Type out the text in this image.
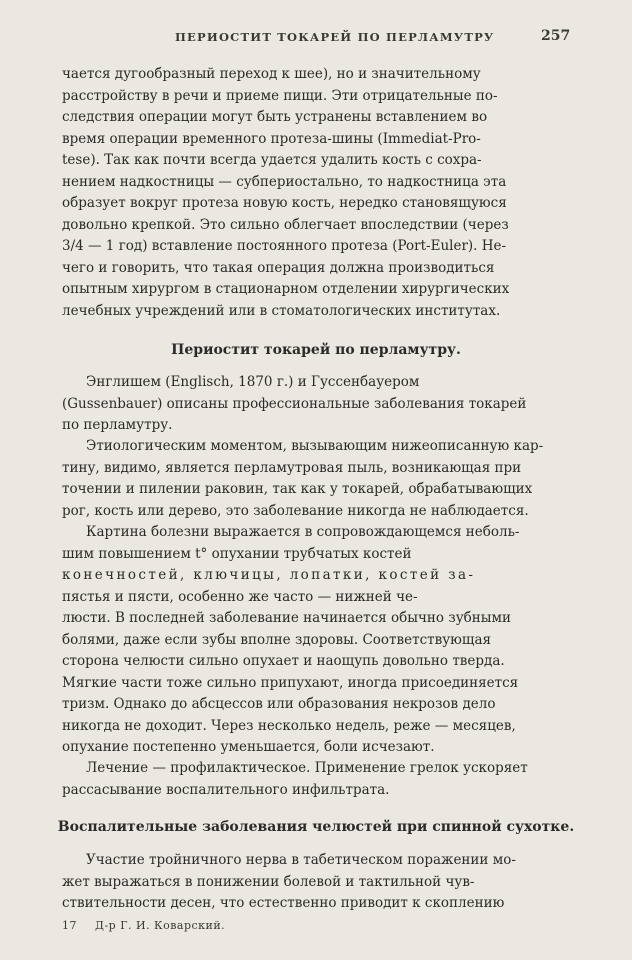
ПЕРИОСТИТ ТОКАРЕЙ ПО ПЕРЛАМУТРУ	257

чается дугообразный переход к шее), но и значительному

расстройству в речи и приеме пищи. Эти отрицательные по-

следствия операции могут быть устранены вставлением во

время операции временного протеза-шины (Immediat-Pro-

tese). Так как почти всегда удается удалить кость с сохра-

нением надкостницы — субпериостально, то надкостница эта

образует вокруг протеза новую кость, нередко становящуюся

довольно крепкой. Это сильно облегчает впоследствии (через

3/4 — 1 год) вставление постоянного протеза (Port-Euler). Не-

чего и говорить, что такая операция должна производиться

опытным хирургом в стационарном отделении хирургических

лечебных учреждений или в стоматологических институтах.

Периостит токарей по перламутру.

Энглишем (Englisch, 1870 г.) и Гуссенбауером

(Gussenbauer) описаны профессиональные заболевания токарей

по перламутру.

Этиологическим моментом, вызывающим нижеописанную кар-

тину, видимо, является перламутровая пыль, возникающая при

точении и пилении раковин, так как у токарей, обрабатывающих

рог, кость или дерево, это заболевание никогда не наблюдается.

Картина болезни выражается в сопровождающемся неболь-

шим повышением t° опухании трубчатых костей

конечностей, ключицы, лопатки, костей за-

пястья и пясти, особенно же часто — нижней че-

люсти. В последней заболевание начинается обычно зубными

болями, даже если зубы вполне здоровы. Соответствующая

сторона челюсти сильно опухает и наощупь довольно тверда.

Мягкие части тоже сильно припухают, иногда присоединяется

тризм. Однако до абсцессов или образования некрозов дело

никогда не доходит. Через несколько недель, реже — месяцев,

опухание постепенно уменьшается, боли исчезают.

Лечение — профилактическое. Применение грелок ускоряет

рассасывание воспалительного инфильтрата.

Воспалительные заболевания челюстей при спинной сухотке.

Участие тройничного нерва в табетическом поражении мо-

жет выражаться в понижении болевой и тактильной чув-

ствительности десен, что естественно приводит к скоплению

17 Д-р Г. И. Коварский.
